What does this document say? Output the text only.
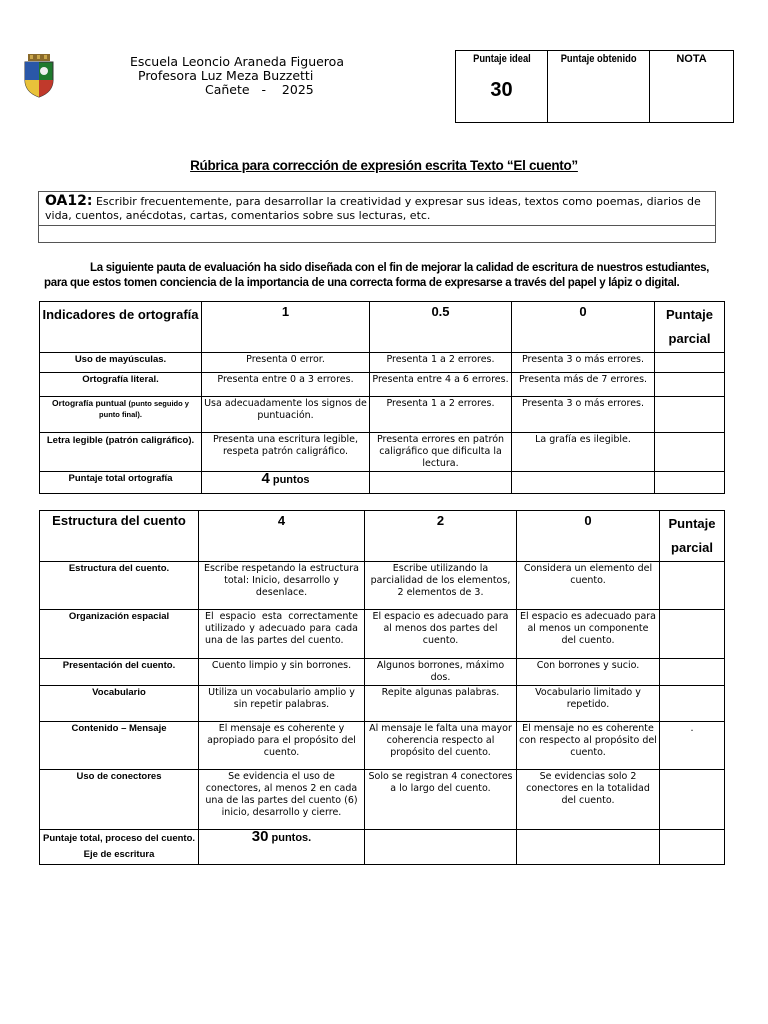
Escuela Leoncio Araneda Figueroa
Profesora Luz Meza Buzzetti
Cañete   -    2025
Puntaje ideal
30
	Puntaje obtenido	NOTA
Rúbrica para corrección de expresión escrita Texto “El cuento”
OA12: Escribir frecuentemente, para desarrollar la creatividad y expresar sus ideas, textos como poemas, diarios de vida, cuentos, anécdotas, cartas, comentarios sobre sus lecturas, etc.
La siguiente pauta de evaluación ha sido diseñada con el fin de mejorar la calidad de escritura de nuestros estudiantes, para que estos tomen conciencia de la importancia de una correcta forma de expresarse a través del papel y lápiz o digital.
Indicadores de ortografía	1	0.5	0	Puntaje parcial
Uso de mayúsculas.	Presenta 0 error.	Presenta 1 a 2 errores.	Presenta 3 o más errores.	
Ortografía literal.	Presenta entre 0 a 3 errores.	Presenta entre 4 a 6 errores.	Presenta más de 7 errores.	
Ortografía puntual (punto seguido y punto final).	Usa adecuadamente los signos de puntuación.	Presenta 1 a 2 errores.	Presenta 3 o más errores.	
Letra legible (patrón caligráfico).	Presenta una escritura legible, respeta patrón caligráfico.	Presenta errores en patrón caligráfico que dificulta la lectura.	La grafía es ilegible.	
Puntaje total ortografía	4 puntos			
Estructura del cuento	4	2	0	Puntaje parcial
Estructura del cuento.	Escribe respetando la estructura total: Inicio, desarrollo y desenlace.	Escribe utilizando la parcialidad de los elementos, 2 elementos de 3.	Considera un elemento del cuento.	
Organización espacial	El espacio esta correctamente utilizado y adecuado para cada una de las partes del cuento.	El espacio es adecuado para al menos dos partes del cuento.	El espacio es adecuado para al menos un componente del cuento.	
Presentación del cuento.	Cuento limpio y sin borrones.	Algunos borrones, máximo dos.	Con borrones y sucio.	
Vocabulario	Utiliza un vocabulario amplio y sin repetir palabras.	Repite algunas palabras.	Vocabulario limitado y repetido.	
Contenido – Mensaje	El mensaje es coherente y apropiado para el propósito del cuento.	Al mensaje le falta una mayor coherencia respecto al propósito del cuento.	El mensaje no es coherente con respecto al propósito del cuento.	.
Uso de conectores	Se evidencia el uso de conectores, al menos 2 en cada una de las partes del cuento (6) inicio, desarrollo y cierre.	Solo se registran 4 conectores a lo largo del cuento.	Se evidencias solo 2 conectores en la totalidad del cuento.	
Puntaje total, proceso del cuento. Eje de escritura	30 puntos.			
